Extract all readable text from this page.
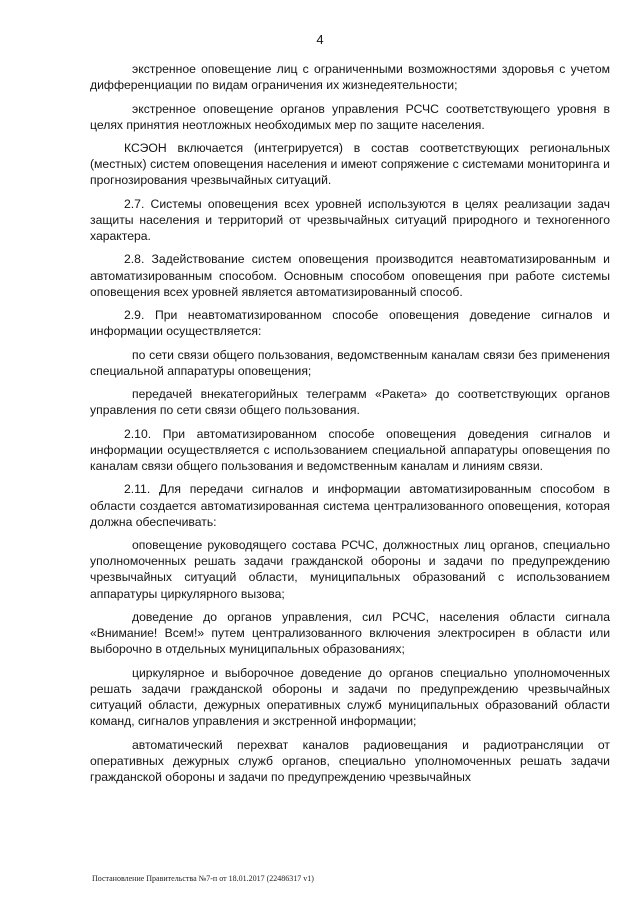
4

экстренное оповещение лиц с ограниченными возможностями здоровья с учетом дифференциации по видам ограничения их жизнедеятельности;

экстренное оповещение органов управления РСЧС соответствующего уровня в целях принятия неотложных необходимых мер по защите населения.

КСЭОН включается (интегрируется) в состав соответствующих региональных (местных) систем оповещения населения и имеют сопряжение с системами мониторинга и прогнозирования чрезвычайных ситуаций.

2.7. Системы оповещения всех уровней используются в целях реализации задач защиты населения и территорий от чрезвычайных ситуаций природного и техногенного характера.

2.8. Задействование систем оповещения производится неавтоматизированным и автоматизированным способом. Основным способом оповещения при работе системы оповещения всех уровней является автоматизированный способ.

2.9. При неавтоматизированном способе оповещения доведение сигналов и информации осуществляется:

по сети связи общего пользования, ведомственным каналам связи без применения специальной аппаратуры оповещения;

передачей внекатегорийных телеграмм «Ракета» до соответствующих органов управления по сети связи общего пользования.

2.10. При автоматизированном способе оповещения доведения сигналов и информации осуществляется с использованием специальной аппаратуры оповещения по каналам связи общего пользования и ведомственным каналам и линиям связи.

2.11. Для передачи сигналов и информации автоматизированным способом в области создается автоматизированная система централизованного оповещения, которая должна обеспечивать:

оповещение руководящего состава РСЧС, должностных лиц органов, специально уполномоченных решать задачи гражданской обороны и задачи по предупреждению чрезвычайных ситуаций области, муниципальных образований с использованием аппаратуры циркулярного вызова;

доведение до органов управления, сил РСЧС, населения области сигнала «Внимание! Всем!» путем централизованного включения электросирен в области или выборочно в отдельных муниципальных образованиях;

циркулярное и выборочное доведение до органов специально уполномоченных решать задачи гражданской обороны и задачи по предупреждению чрезвычайных ситуаций области, дежурных оперативных служб муниципальных образований области команд, сигналов управления и экстренной информации;

автоматический перехват каналов радиовещания и радиотрансляции от оперативных дежурных служб органов, специально уполномоченных решать задачи гражданской обороны и задачи по предупреждению чрезвычайных

Постановление Правительства №7-п от 18.01.2017 (22486317 v1)
